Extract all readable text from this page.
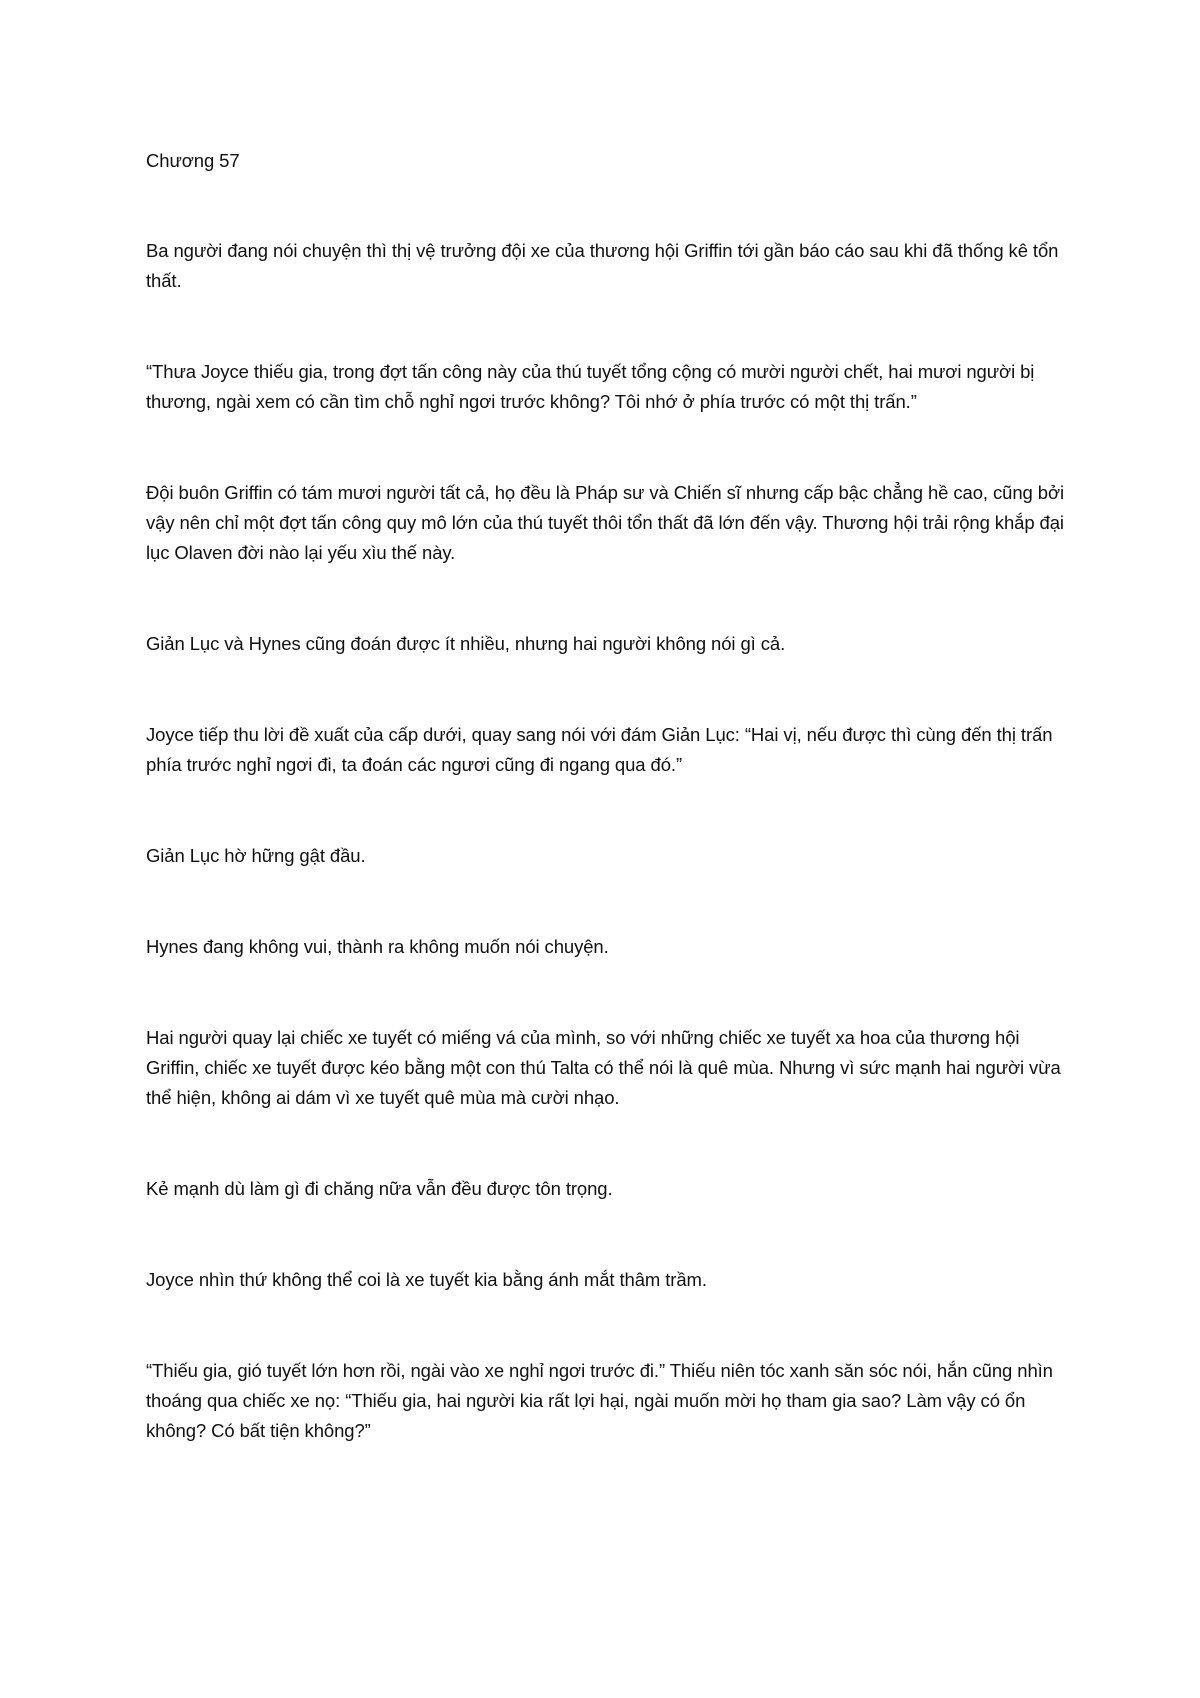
Chương 57

Ba người đang nói chuyện thì thị vệ trưởng đội xe của thương hội Griffin tới gần báo cáo sau khi đã thống kê tổn thất.

“Thưa Joyce thiếu gia, trong đợt tấn công này của thú tuyết tổng cộng có mười người chết, hai mươi người bị thương, ngài xem có cần tìm chỗ nghỉ ngơi trước không? Tôi nhớ ở phía trước có một thị trấn.”

Đội buôn Griffin có tám mươi người tất cả, họ đều là Pháp sư và Chiến sĩ nhưng cấp bậc chẳng hề cao, cũng bởi vậy nên chỉ một đợt tấn công quy mô lớn của thú tuyết thôi tổn thất đã lớn đến vậy. Thương hội trải rộng khắp đại lục Olaven đời nào lại yếu xìu thế này.

Giản Lục và Hynes cũng đoán được ít nhiều, nhưng hai người không nói gì cả.

Joyce tiếp thu lời đề xuất của cấp dưới, quay sang nói với đám Giản Lục: “Hai vị, nếu được thì cùng đến thị trấn phía trước nghỉ ngơi đi, ta đoán các ngươi cũng đi ngang qua đó.”

Giản Lục hờ hững gật đầu.

Hynes đang không vui, thành ra không muốn nói chuyện.

Hai người quay lại chiếc xe tuyết có miếng vá của mình, so với những chiếc xe tuyết xa hoa của thương hội Griffin, chiếc xe tuyết được kéo bằng một con thú Talta có thể nói là quê mùa. Nhưng vì sức mạnh hai người vừa thể hiện, không ai dám vì xe tuyết quê mùa mà cười nhạo.

Kẻ mạnh dù làm gì đi chăng nữa vẫn đều được tôn trọng.

Joyce nhìn thứ không thể coi là xe tuyết kia bằng ánh mắt thâm trầm.

“Thiếu gia, gió tuyết lớn hơn rồi, ngài vào xe nghỉ ngơi trước đi.” Thiếu niên tóc xanh săn sóc nói, hắn cũng nhìn thoáng qua chiếc xe nọ: “Thiếu gia, hai người kia rất lợi hại, ngài muốn mời họ tham gia sao? Làm vậy có ổn không? Có bất tiện không?”
